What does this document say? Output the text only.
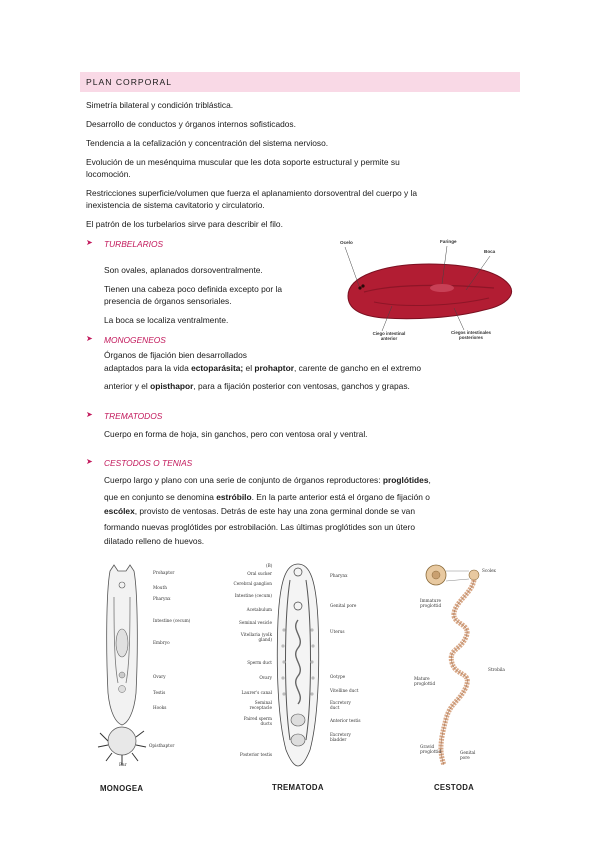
PLAN CORPORAL
Simetría bilateral y condición triblástica.
Desarrollo de conductos y órganos internos sofisticados.
Tendencia a la cefalización y concentración del sistema nervioso.
Evolución de un mesénquima muscular que les dota soporte estructural y permite su
locomoción.
Restricciones superficie/volumen que fuerza el aplanamiento dorsoventral del cuerpo y la
inexistencia de sistema cavitatorio y circulatorio.
El patrón de los turbelarios sirve para describir el filo.
➤ TURBELARIOS
Son ovales, aplanados dorsoventralmente.
Tienen una cabeza poco definida excepto por la
presencia de órganos sensoriales.
La boca se localiza ventralmente.
Ocelo	Faringe
Boca
Ciego intestinal anterior
Ciegos intestinales posteriores
➤ MONOGENEOS
Órganos de fijación bien desarrollados
adaptados para la vida ectoparásita; el prohaptor, carente de gancho en el extremo
anterior y el opisthapor, para a fijación posterior con ventosas, ganchos y grapas.
➤ TREMATODOS
Cuerpo en forma de hoja, sin ganchos, pero con ventosa oral y ventral.
➤ CESTODOS O TENIAS
Cuerpo largo y plano con una serie de conjunto de órganos reproductores: proglótides,
que en conjunto se denomina estróbilo. En la parte anterior está el órgano de fijación o
escólex, provisto de ventosas. Detrás de este hay una zona germinal donde se van
formando nuevas proglótides por estrobilación. Las últimas proglótides son un útero
dilatado relleno de huevos.
Prohaptor
Mouth
Pharynx
Intestine (cecum)
Embryo
Ovary
Testis
Hooks
Opisthaptor
Bar
MONOGEA
(B)
Oral sucker
Cerebral ganglion
Intestine (cecum)
Acetabulum
Seminal vesicle
Vitellaria (yolk gland)
Sperm duct
Ovary
Laurer's canal
Seminal receptacle
Paired sperm ducts
Posterior testis
Pharynx
Genital pore
Uterus
Ootype
Vitelline duct
Excretory duct
Anterior testis
Excretory bladder
TREMATODA
Scolex
Immature proglottid
Strobila
Mature proglottid
Gravid proglottid	Genital pore
CESTODA
